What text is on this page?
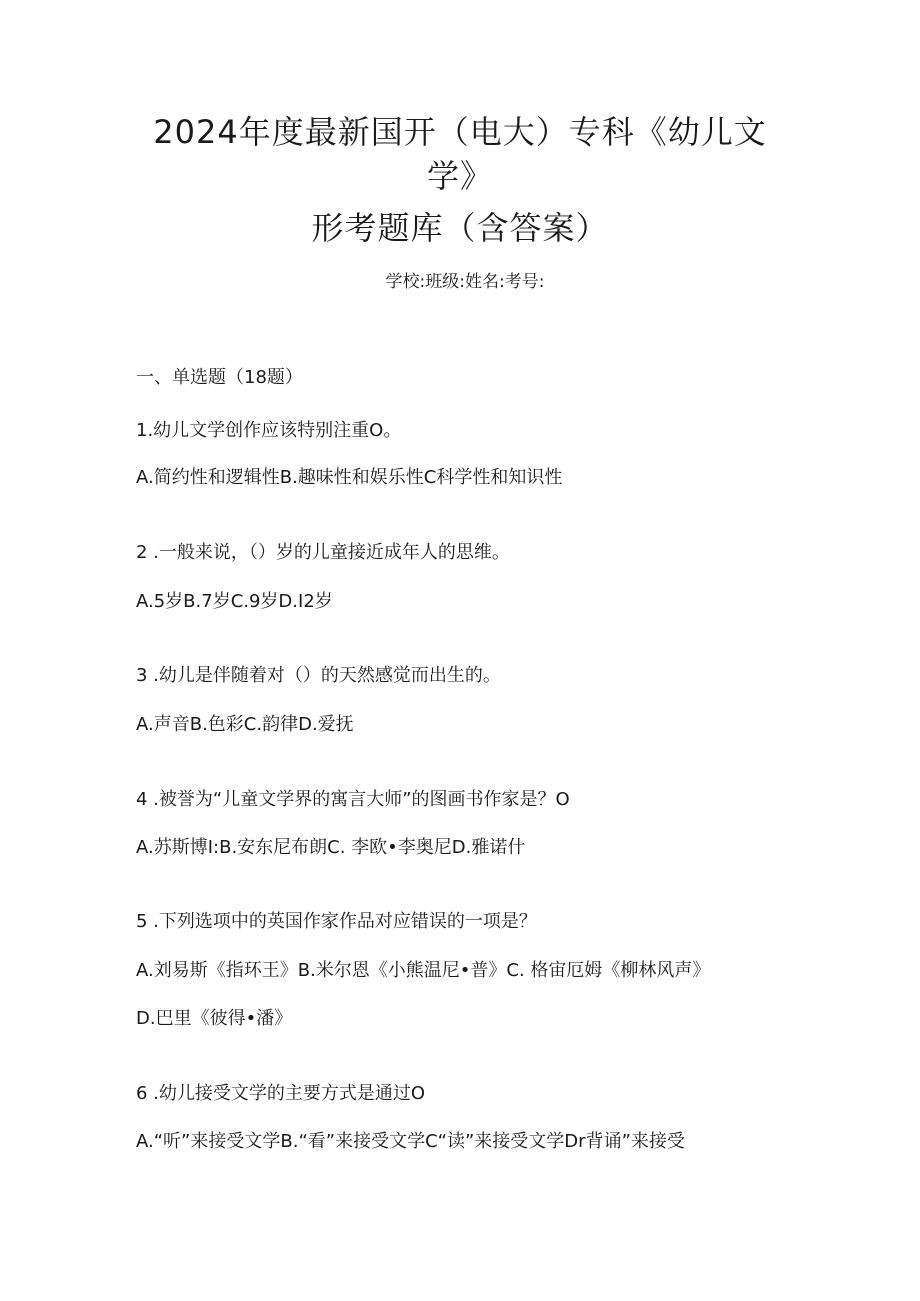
2024年度最新国开（电大）专科《幼儿文
学》
形考题库（含答案）
学校:班级:姓名:考号:
一、单选题（18题）
1.幼儿文学创作应该特别注重O。
A.简约性和逻辑性B.趣味性和娱乐性C科学性和知识性
2 .一般来说，（）岁的儿童接近成年人的思维。
A.5岁B.7岁C.9岁D.I2岁
3 .幼儿是伴随着对（）的天然感觉而出生的。
A.声音B.色彩C.韵律D.爱抚
4 .被誉为“儿童文学界的寓言大师”的图画书作家是？O
A.苏斯博I:B.安东尼布朗C. 李欧•李奥尼D.雅诺什
5 .下列选项中的英国作家作品对应错误的一项是？
A.刘易斯《指环王》B.米尔恩《小熊温尼•普》C. 格宙厄姆《柳林风声》
D.巴里《彼得•潘》
6 .幼儿接受文学的主要方式是通过O
A.“听”来接受文学B.“看”来接受文学C“读”来接受文学Dr背诵”来接受
